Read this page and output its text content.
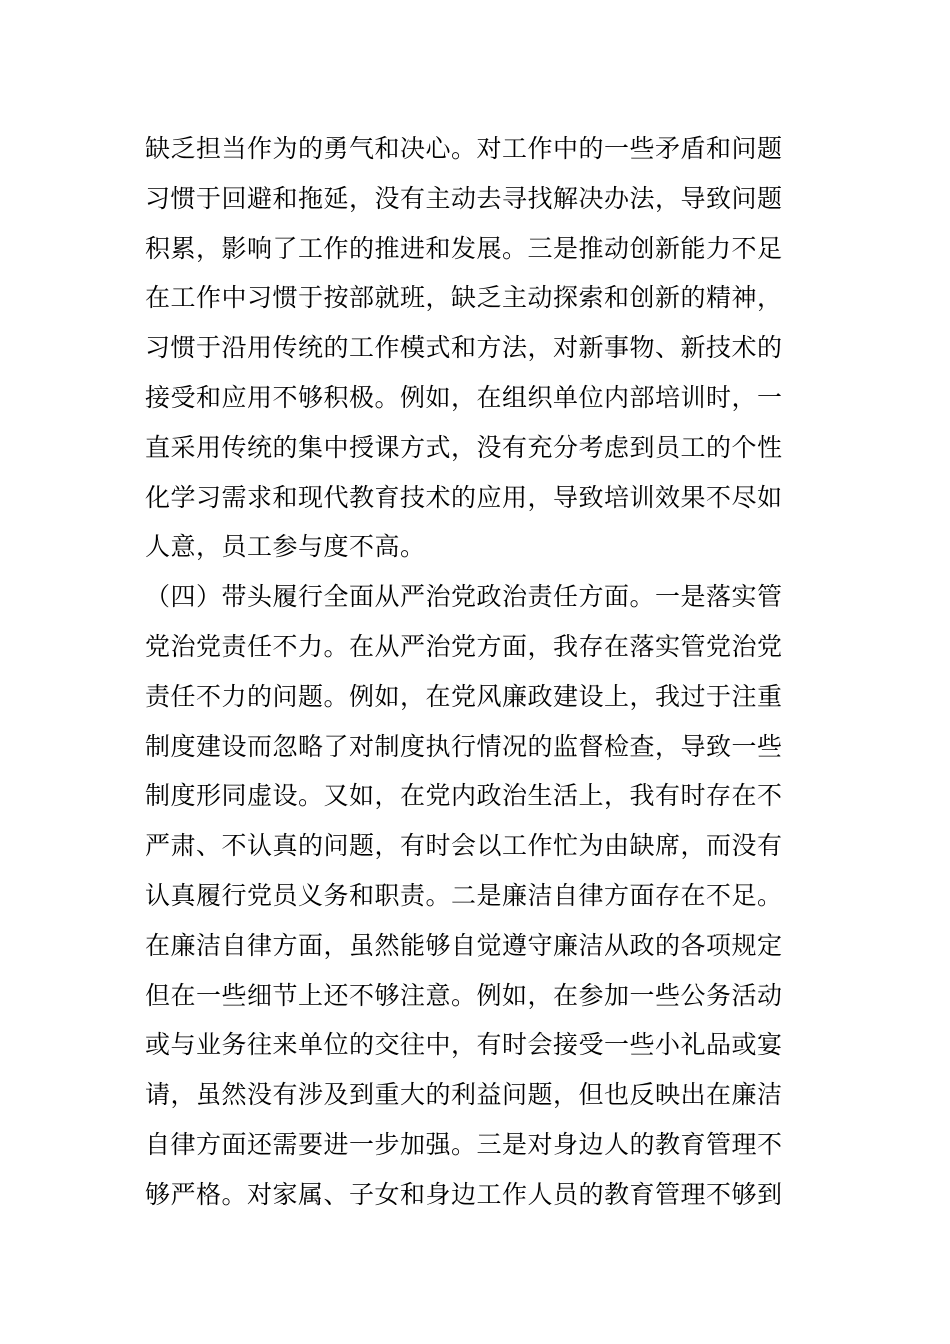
缺乏担当作为的勇气和决心。对工作中的一些矛盾和问题
习惯于回避和拖延，没有主动去寻找解决办法，导致问题
积累，影响了工作的推进和发展。三是推动创新能力不足
在工作中习惯于按部就班，缺乏主动探索和创新的精神，
习惯于沿用传统的工作模式和方法，对新事物、新技术的
接受和应用不够积极。例如，在组织单位内部培训时，一
直采用传统的集中授课方式，没有充分考虑到员工的个性
化学习需求和现代教育技术的应用，导致培训效果不尽如
人意，员工参与度不高。
（四）带头履行全面从严治党政治责任方面。一是落实管
党治党责任不力。在从严治党方面，我存在落实管党治党
责任不力的问题。例如，在党风廉政建设上，我过于注重
制度建设而忽略了对制度执行情况的监督检查，导致一些
制度形同虚设。又如，在党内政治生活上，我有时存在不
严肃、不认真的问题，有时会以工作忙为由缺席，而没有
认真履行党员义务和职责。二是廉洁自律方面存在不足。
在廉洁自律方面，虽然能够自觉遵守廉洁从政的各项规定
但在一些细节上还不够注意。例如，在参加一些公务活动
或与业务往来单位的交往中，有时会接受一些小礼品或宴
请，虽然没有涉及到重大的利益问题，但也反映出在廉洁
自律方面还需要进一步加强。三是对身边人的教育管理不
够严格。对家属、子女和身边工作人员的教育管理不够到
